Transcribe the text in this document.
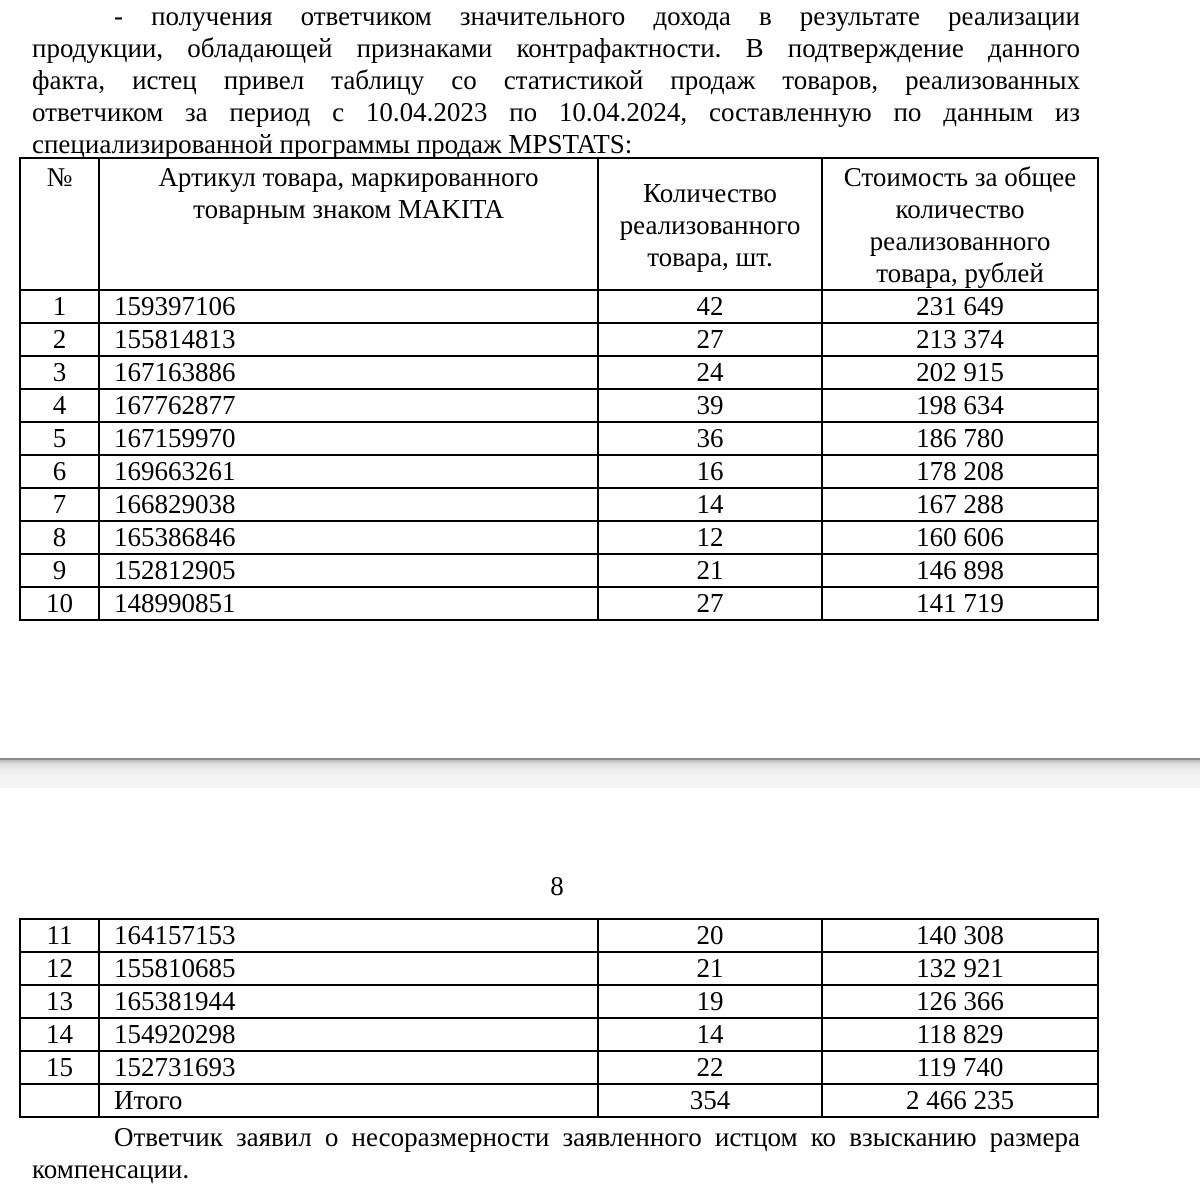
- получения ответчиком значительного дохода в результате реализации
продукции, обладающей признаками контрафактности. В подтверждение данного
факта, истец привел таблицу со статистикой продаж товаров, реализованных
ответчиком за период с 10.04.2023 по 10.04.2024, составленную по данным из
специализированной программы продаж MPSTATS:
№	Артикул товара, маркированного товарным знаком MAKITA	Количество реализованного товара, шт.	Стоимость за общее количество реализованного товара, рублей
1	159397106	42	231 649
2	155814813	27	213 374
3	167163886	24	202 915
4	167762877	39	198 634
5	167159970	36	186 780
6	169663261	16	178 208
7	166829038	14	167 288
8	165386846	12	160 606
9	152812905	21	146 898
10	148990851	27	141 719
8
11	164157153	20	140 308
12	155810685	21	132 921
13	165381944	19	126 366
14	154920298	14	118 829
15	152731693	22	119 740
	Итого	354	2 466 235
Ответчик заявил о несоразмерности заявленного истцом ко взысканию размера
компенсации.
